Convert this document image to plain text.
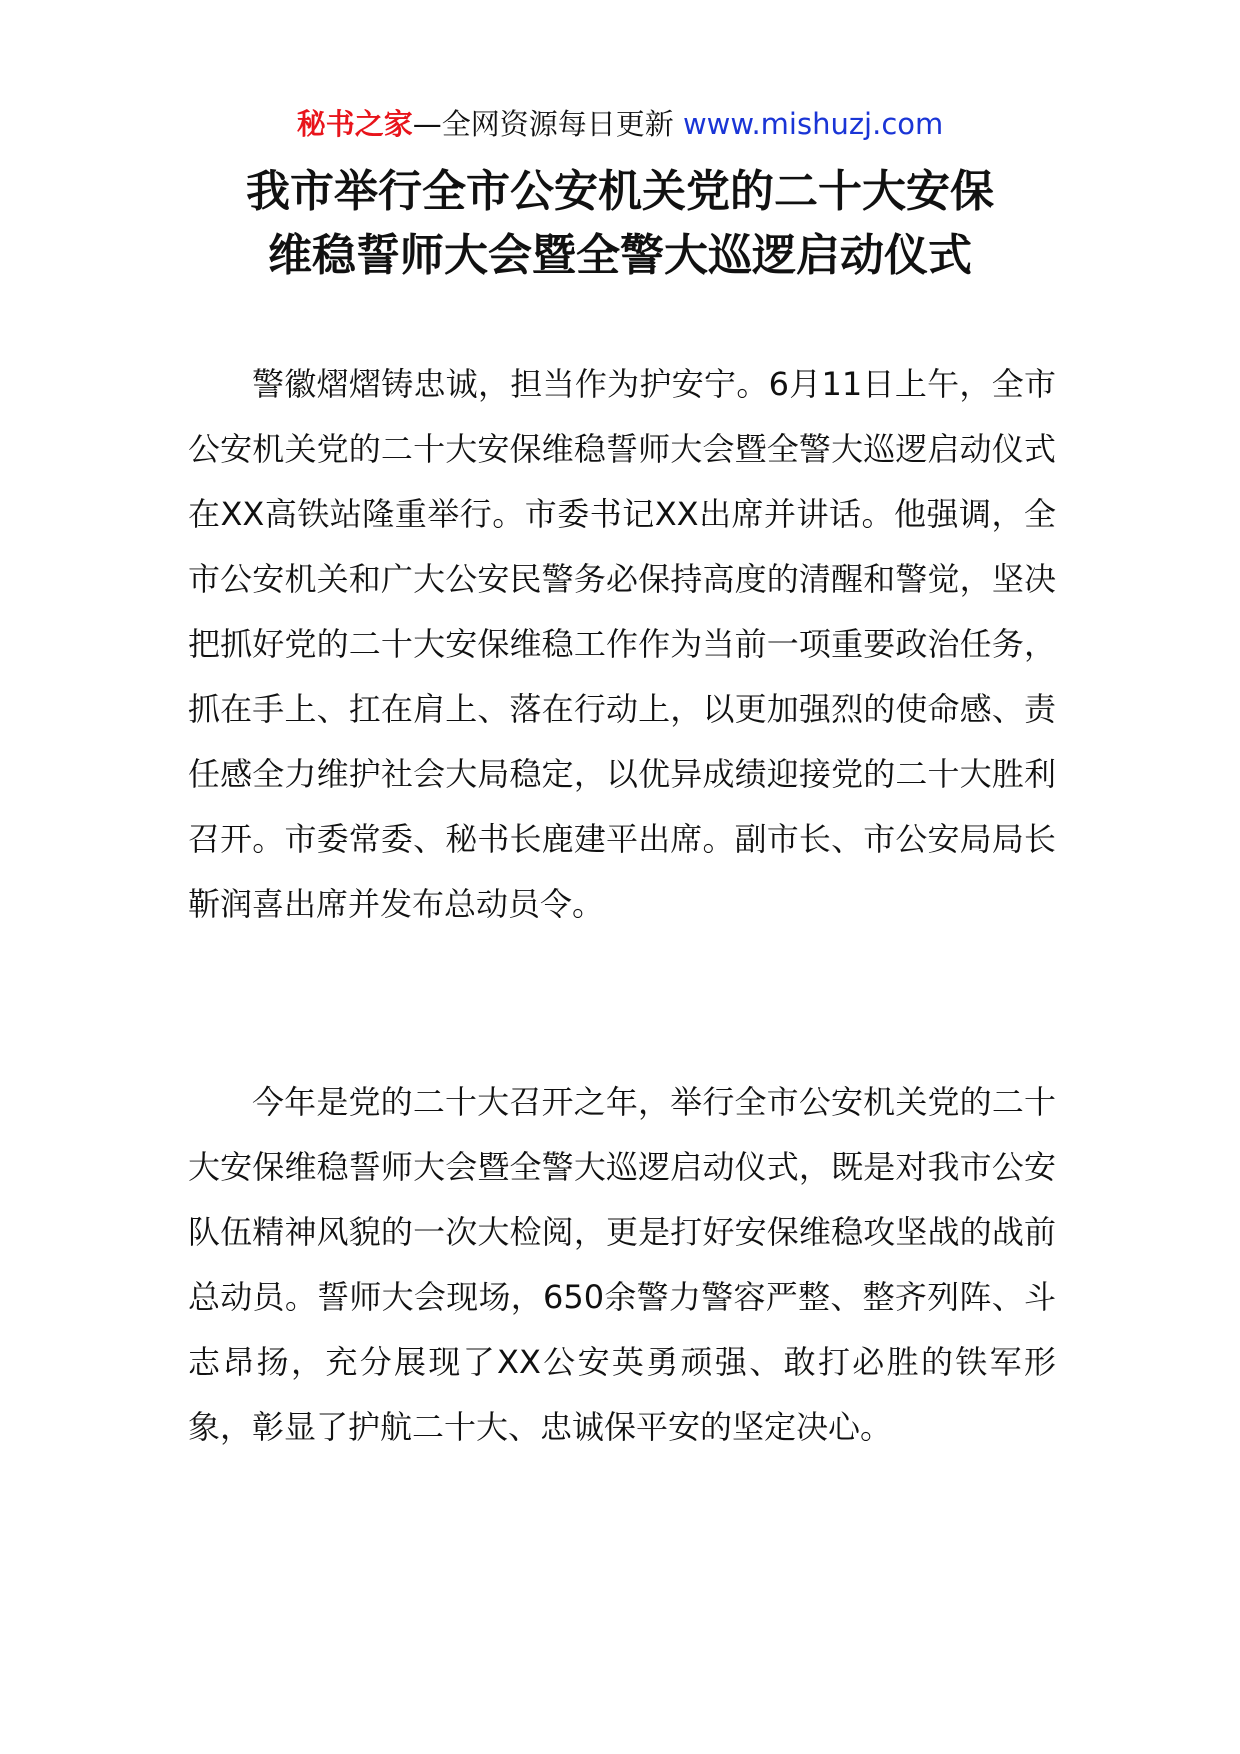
秘书之家—全网资源每日更新 www.mishuzj.com
我市举行全市公安机关党的二十大安保
维稳誓师大会暨全警大巡逻启动仪式

警徽熠熠铸忠诚，担当作为护安宁。6月11日上午，全市公安机关党的二十大安保维稳誓师大会暨全警大巡逻启动仪式在XX高铁站隆重举行。市委书记XX出席并讲话。他强调，全市公安机关和广大公安民警务必保持高度的清醒和警觉，坚决把抓好党的二十大安保维稳工作作为当前一项重要政治任务，抓在手上、扛在肩上、落在行动上，以更加强烈的使命感、责任感全力维护社会大局稳定，以优异成绩迎接党的二十大胜利召开。市委常委、秘书长鹿建平出席。副市长、市公安局局长靳润喜出席并发布总动员令。

今年是党的二十大召开之年，举行全市公安机关党的二十大安保维稳誓师大会暨全警大巡逻启动仪式，既是对我市公安队伍精神风貌的一次大检阅，更是打好安保维稳攻坚战的战前总动员。誓师大会现场，650余警力警容严整、整齐列阵、斗志昂扬，充分展现了XX公安英勇顽强、敢打必胜的铁军形象，彰显了护航二十大、忠诚保平安的坚定决心。
